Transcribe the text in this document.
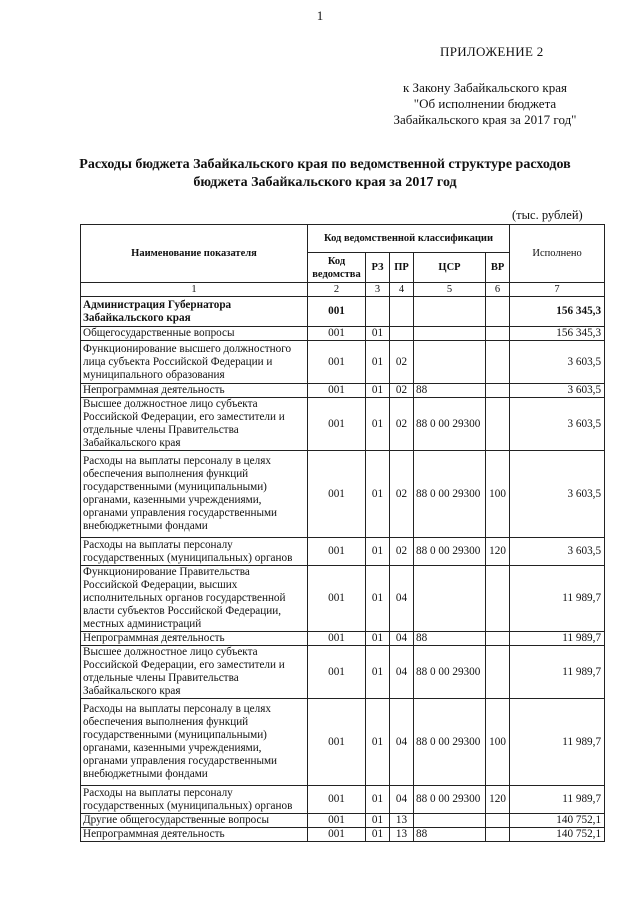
1
ПРИЛОЖЕНИЕ 2
к Закону Забайкальского края
"Об исполнении бюджета
Забайкальского края за 2017 год"
Расходы бюджета Забайкальского края по ведомственной структуре расходов
бюджета Забайкальского края за 2017 год
(тыс. рублей)
Наименование показателя	Код ведомственной классификации					Исполнено
	Код ведомства	РЗ	ПР	ЦСР	ВР	
1	2	3	4	5	6	7
Администрация Губернатора Забайкальского края	001					156 345,3
Общегосударственные вопросы	001	01				156 345,3
Функционирование высшего должностного лица субъекта Российской Федерации и муниципального образования	001	01	02			3 603,5
Непрограммная деятельность	001	01	02	88		3 603,5
Высшее должностное лицо субъекта Российской Федерации, его заместители и отдельные члены Правительства Забайкальского края	001	01	02	88 0 00 29300		3 603,5
Расходы на выплаты персоналу в целях обеспечения выполнения функций государственными (муниципальными) органами, казенными учреждениями, органами управления государственными внебюджетными фондами	001	01	02	88 0 00 29300	100	3 603,5
Расходы на выплаты персоналу государственных (муниципальных) органов	001	01	02	88 0 00 29300	120	3 603,5
Функционирование Правительства Российской Федерации, высших исполнительных органов государственной власти субъектов Российской Федерации, местных администраций	001	01	04			11 989,7
Непрограммная деятельность	001	01	04	88		11 989,7
Высшее должностное лицо субъекта Российской Федерации, его заместители и отдельные члены Правительства Забайкальского края	001	01	04	88 0 00 29300		11 989,7
Расходы на выплаты персоналу в целях обеспечения выполнения функций государственными (муниципальными) органами, казенными учреждениями, органами управления государственными внебюджетными фондами	001	01	04	88 0 00 29300	100	11 989,7
Расходы на выплаты персоналу государственных (муниципальных) органов	001	01	04	88 0 00 29300	120	11 989,7
Другие общегосударственные вопросы	001	01	13			140 752,1
Непрограммная деятельность	001	01	13	88		140 752,1
